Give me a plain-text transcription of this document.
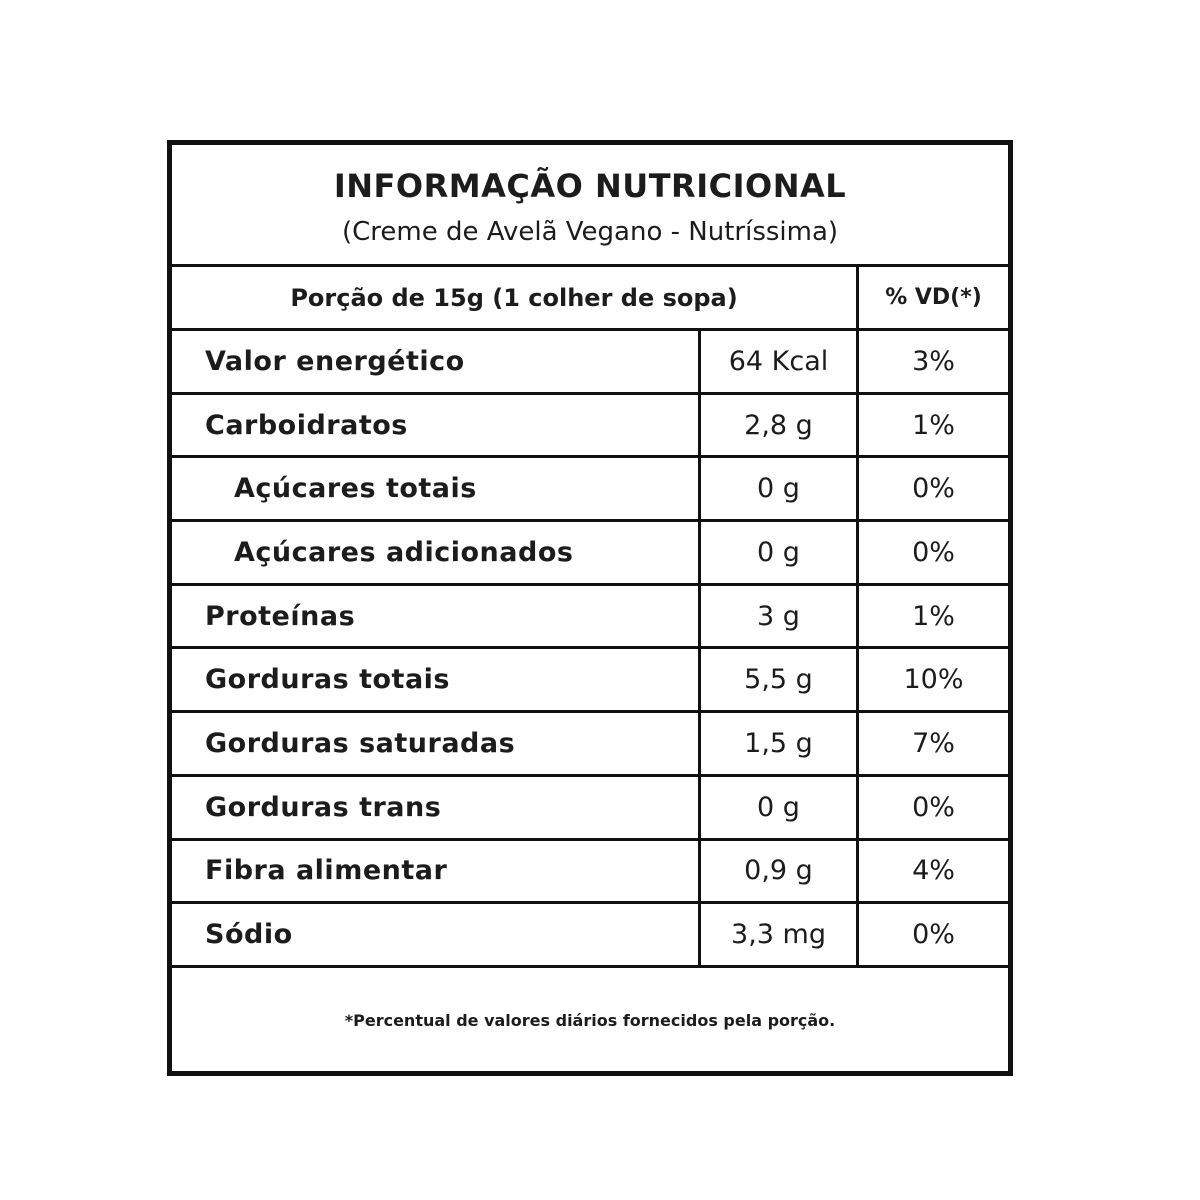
INFORMAÇÃO NUTRICIONAL
(Creme de Avelã Vegano - Nutríssima)
Porção de 15g (1 colher de sopa)	% VD(*)
Valor energético	64 Kcal	3%
Carboidratos	2,8 g	1%
Açúcares totais	0 g	0%
Açúcares adicionados	0 g	0%
Proteínas	3 g	1%
Gorduras totais	5,5 g	10%
Gorduras saturadas	1,5 g	7%
Gorduras trans	0 g	0%
Fibra alimentar	0,9 g	4%
Sódio	3,3 mg	0%
*Percentual de valores diários fornecidos pela porção.
